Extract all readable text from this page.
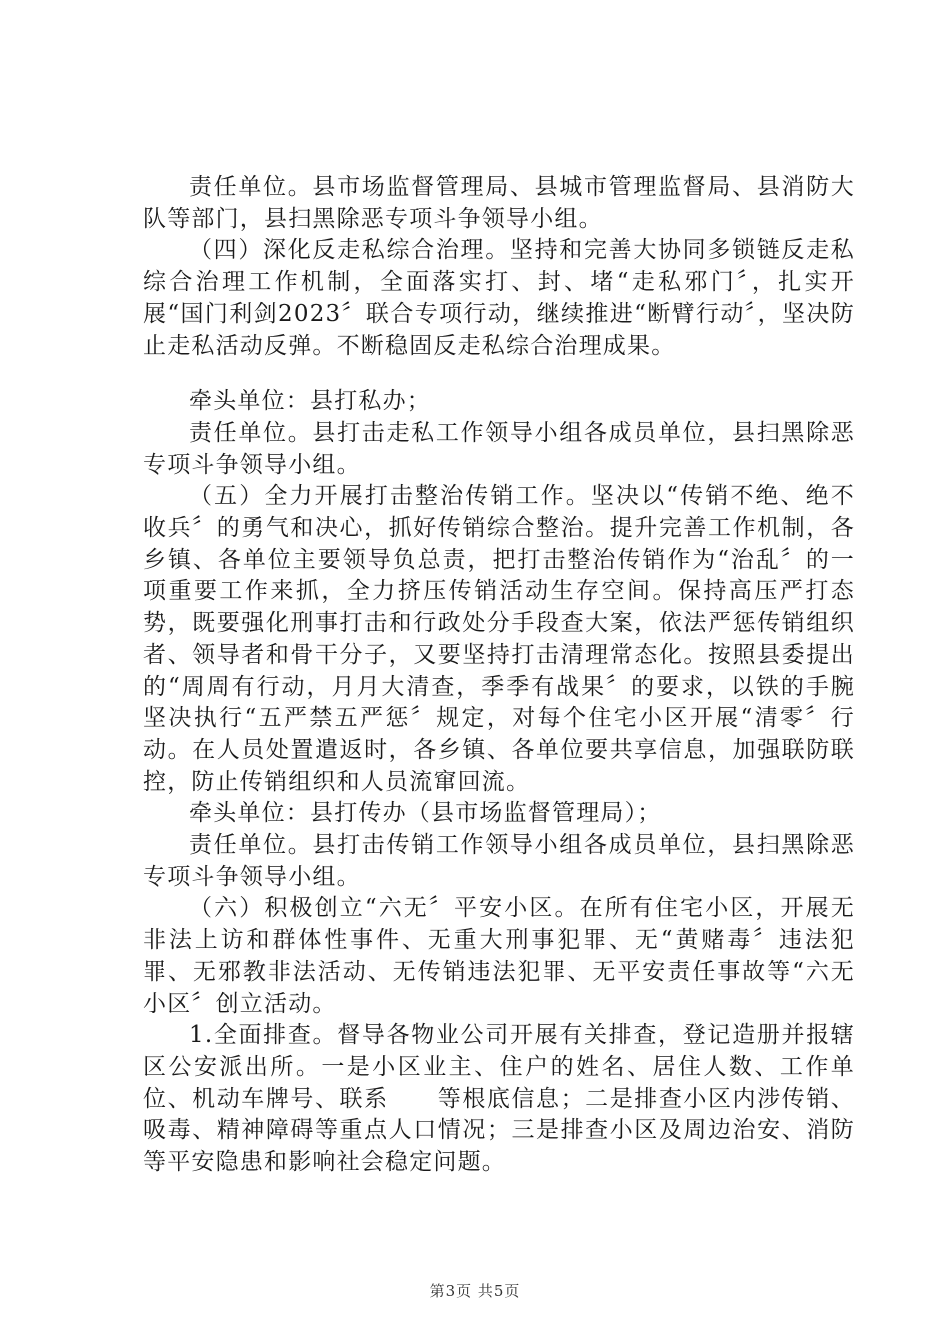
责任单位。县市场监督管理局、县城市管理监督局、县消防大队等部门，县扫黑除恶专项斗争领导小组。

（四）深化反走私综合治理。坚持和完善大协同多锁链反走私综合治理工作机制，全面落实打、封、堵“走私邪门〞，扎实开展“国门利剑2023〞联合专项行动，继续推进“断臂行动〞，坚决防止走私活动反弹。不断稳固反走私综合治理成果。

牵头单位：县打私办；

责任单位。县打击走私工作领导小组各成员单位，县扫黑除恶专项斗争领导小组。

（五）全力开展打击整治传销工作。坚决以“传销不绝、绝不收兵〞的勇气和决心，抓好传销综合整治。提升完善工作机制，各乡镇、各单位主要领导负总责，把打击整治传销作为“治乱〞的一项重要工作来抓，全力挤压传销活动生存空间。保持高压严打态势，既要强化刑事打击和行政处分手段查大案，依法严惩传销组织者、领导者和骨干分子，又要坚持打击清理常态化。按照县委提出的“周周有行动，月月大清查，季季有战果〞的要求，以铁的手腕坚决执行“五严禁五严惩〞规定，对每个住宅小区开展“清零〞行动。在人员处置遣返时，各乡镇、各单位要共享信息，加强联防联控，防止传销组织和人员流窜回流。

牵头单位：县打传办（县市场监督管理局）；

责任单位。县打击传销工作领导小组各成员单位，县扫黑除恶专项斗争领导小组。

（六）积极创立“六无〞平安小区。在所有住宅小区，开展无非法上访和群体性事件、无重大刑事犯罪、无“黄赌毒〞违法犯罪、无邪教非法活动、无传销违法犯罪、无平安责任事故等“六无小区〞创立活动。

1.全面排查。督导各物业公司开展有关排查，登记造册并报辖区公安派出所。一是小区业主、住户的姓名、居住人数、工作单位、机动车牌号、联系　　等根底信息；二是排查小区内涉传销、吸毒、精神障碍等重点人口情况；三是排查小区及周边治安、消防等平安隐患和影响社会稳定问题。

第3页 共5页
